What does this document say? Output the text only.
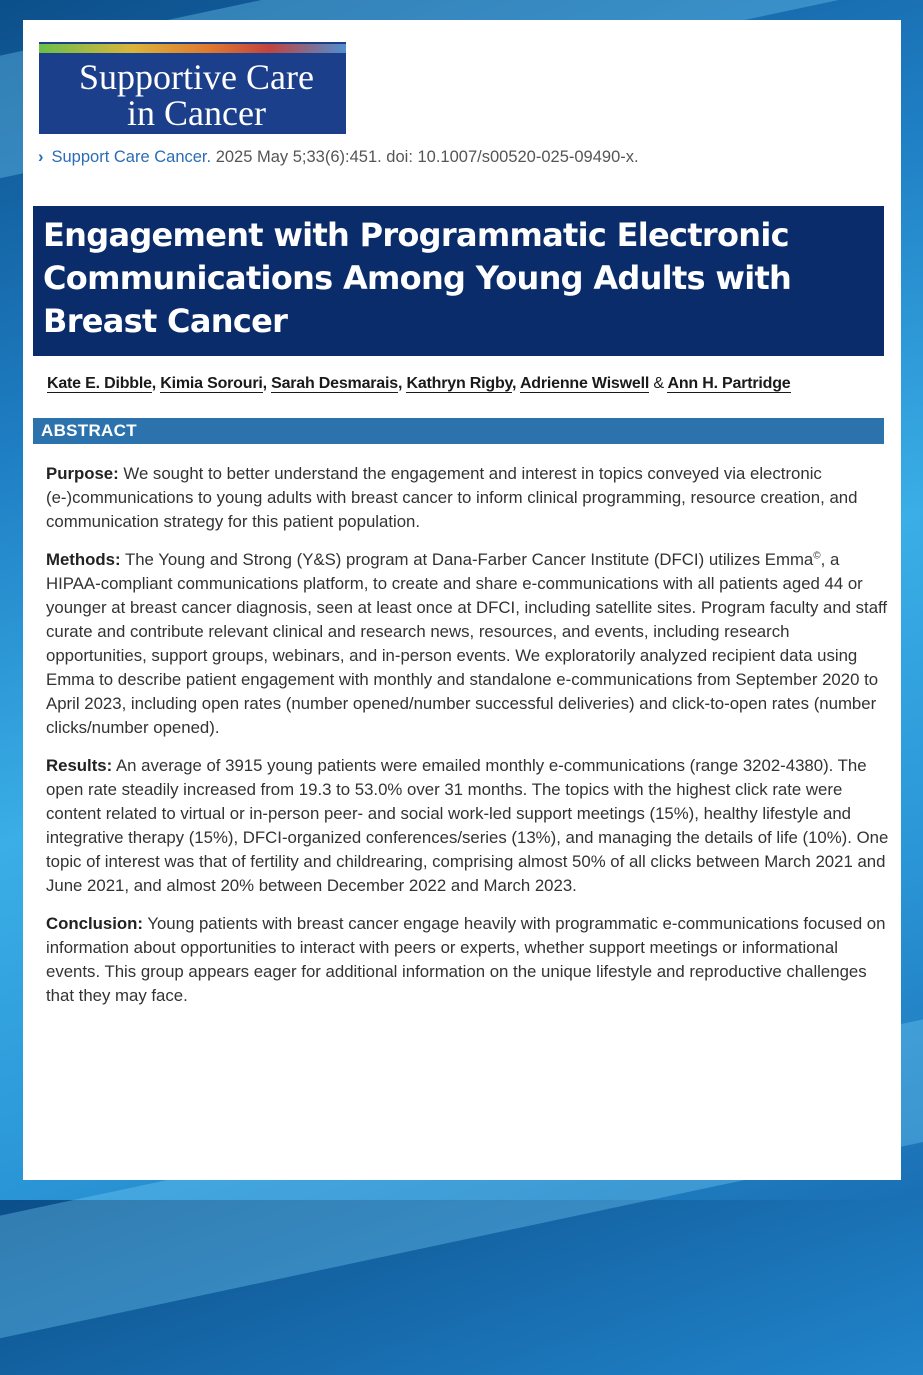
Supportive Care
in Cancer
› Support Care Cancer. 2025 May 5;33(6):451. doi: 10.1007/s00520-025-09490-x.
Engagement with Programmatic Electronic Communications Among Young Adults with Breast Cancer
Kate E. Dibble, Kimia Sorouri, Sarah Desmarais, Kathryn Rigby, Adrienne Wiswell & Ann H. Partridge
ABSTRACT

Purpose: We sought to better understand the engagement and interest in topics conveyed via electronic (e-)communications to young adults with breast cancer to inform clinical programming, resource creation, and communication strategy for this patient population.

Methods: The Young and Strong (Y&S) program at Dana-Farber Cancer Institute (DFCI) utilizes Emma©, a HIPAA-compliant communications platform, to create and share e-communications with all patients aged 44 or younger at breast cancer diagnosis, seen at least once at DFCI, including satellite sites. Program faculty and staff curate and contribute relevant clinical and research news, resources, and events, including research opportunities, support groups, webinars, and in-person events. We exploratorily analyzed recipient data using Emma to describe patient engagement with monthly and standalone e-communications from September 2020 to April 2023, including open rates (number opened/number successful deliveries) and click-to-open rates (number clicks/number opened).

Results: An average of 3915 young patients were emailed monthly e-communications (range 3202-4380). The open rate steadily increased from 19.3 to 53.0% over 31 months. The topics with the highest click rate were content related to virtual or in-person peer- and social work-led support meetings (15%), healthy lifestyle and integrative therapy (15%), DFCI-organized conferences/series (13%), and managing the details of life (10%). One topic of interest was that of fertility and childrearing, comprising almost 50% of all clicks between March 2021 and June 2021, and almost 20% between December 2022 and March 2023.

Conclusion: Young patients with breast cancer engage heavily with programmatic e-communications focused on information about opportunities to interact with peers or experts, whether support meetings or informational events. This group appears eager for additional information on the unique lifestyle and reproductive challenges that they may face.
